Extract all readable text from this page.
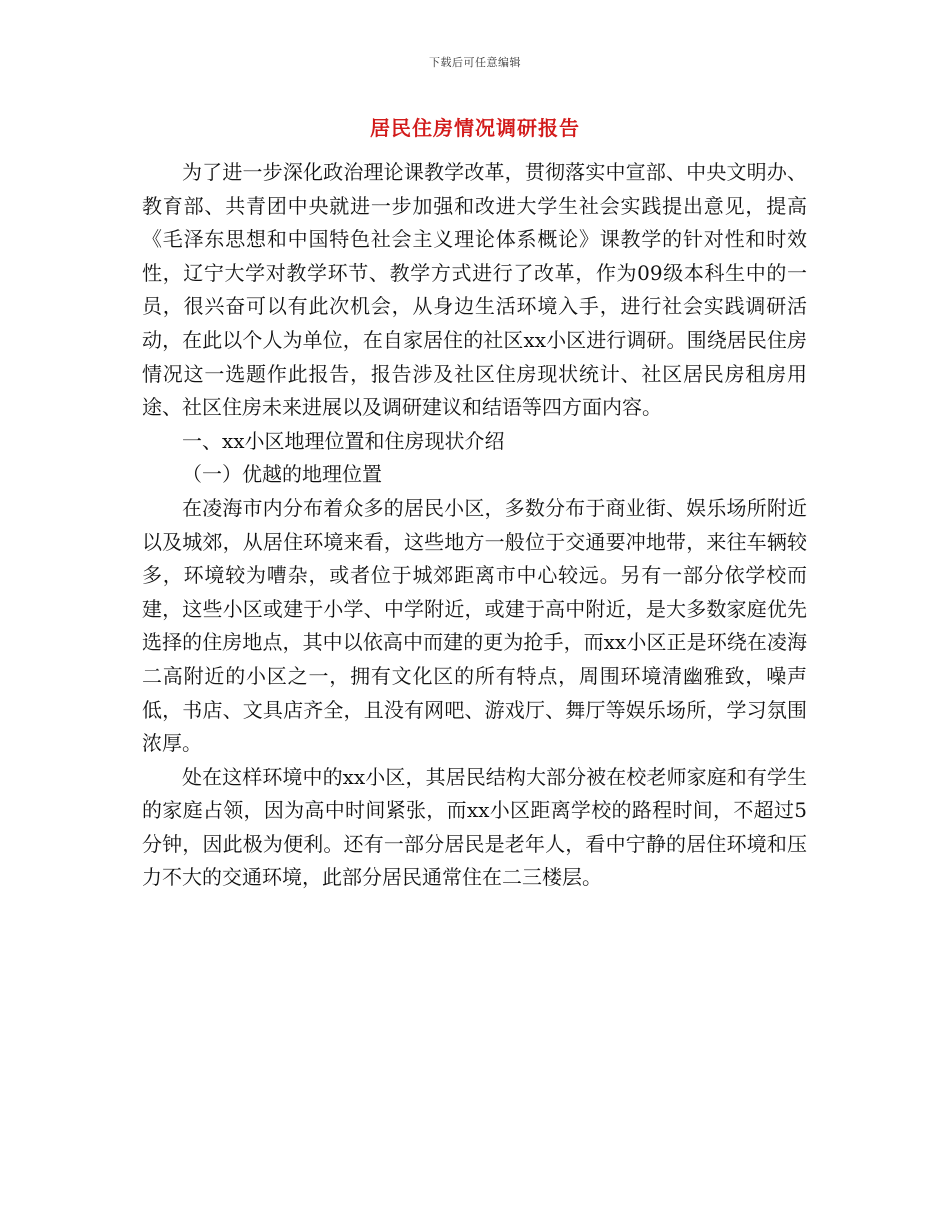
下载后可任意编辑
居民住房情况调研报告

为了进一步深化政治理论课教学改革，贯彻落实中宣部、中央文明办、教育部、共青团中央就进一步加强和改进大学生社会实践提出意见，提高《毛泽东思想和中国特色社会主义理论体系概论》课教学的针对性和时效性，辽宁大学对教学环节、教学方式进行了改革，作为09级本科生中的一员，很兴奋可以有此次机会，从身边生活环境入手，进行社会实践调研活动，在此以个人为单位，在自家居住的社区xx小区进行调研。围绕居民住房情况这一选题作此报告，报告涉及社区住房现状统计、社区居民房租房用途、社区住房未来进展以及调研建议和结语等四方面内容。

一、xx小区地理位置和住房现状介绍

（一）优越的地理位置

在凌海市内分布着众多的居民小区，多数分布于商业街、娱乐场所附近以及城郊，从居住环境来看，这些地方一般位于交通要冲地带，来往车辆较多，环境较为嘈杂，或者位于城郊距离市中心较远。另有一部分依学校而建，这些小区或建于小学、中学附近，或建于高中附近，是大多数家庭优先选择的住房地点，其中以依高中而建的更为抢手，而xx小区正是环绕在凌海二高附近的小区之一，拥有文化区的所有特点，周围环境清幽雅致，噪声低，书店、文具店齐全，且没有网吧、游戏厅、舞厅等娱乐场所，学习氛围浓厚。

处在这样环境中的xx小区，其居民结构大部分被在校老师家庭和有学生的家庭占领，因为高中时间紧张，而xx小区距离学校的路程时间，不超过5分钟，因此极为便利。还有一部分居民是老年人，看中宁静的居住环境和压力不大的交通环境，此部分居民通常住在二三楼层。
